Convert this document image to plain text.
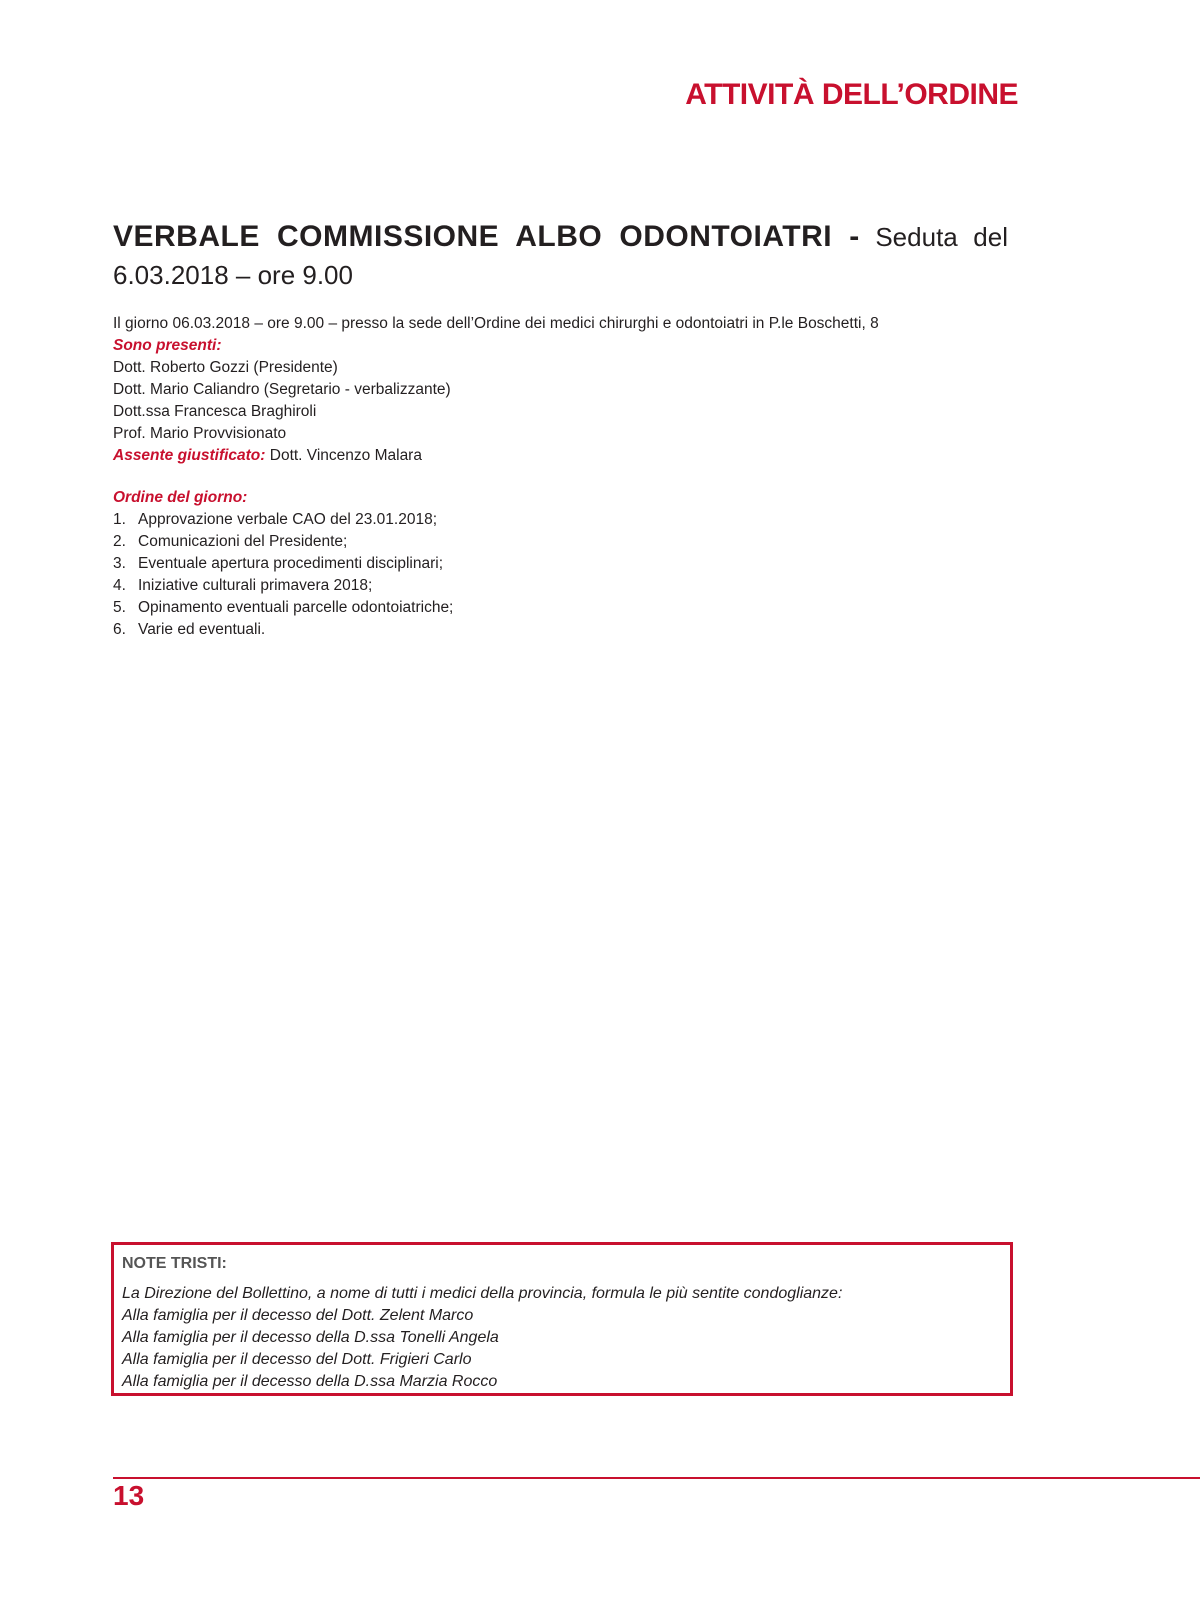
ATTIVITÀ DELL’ORDINE
VERBALE COMMISSIONE ALBO ODONTOIATRI - Seduta del 6.03.2018 – ore 9.00

Il giorno 06.03.2018 – ore 9.00 – presso la sede dell’Ordine dei medici chirurghi e odontoiatri in P.le Boschetti, 8

Sono presenti:

Dott. Roberto Gozzi (Presidente)

Dott. Mario Caliandro (Segretario - verbalizzante)

Dott.ssa Francesca Braghiroli

Prof. Mario Provvisionato

Assente giustificato: Dott. Vincenzo Malara

Ordine del giorno:

1. Approvazione verbale CAO del 23.01.2018;
2. Comunicazioni del Presidente;
3. Eventuale apertura procedimenti disciplinari;
4. Iniziative culturali primavera 2018;
5. Opinamento eventuali parcelle odontoiatriche;
6. Varie ed eventuali.
NOTE TRISTI:
La Direzione del Bollettino, a nome di tutti i medici della provincia, formula le più sentite condoglianze:
Alla famiglia per il decesso del Dott. Zelent Marco
Alla famiglia per il decesso della D.ssa Tonelli Angela
Alla famiglia per il decesso del Dott. Frigieri Carlo
Alla famiglia per il decesso della D.ssa Marzia Rocco
13
